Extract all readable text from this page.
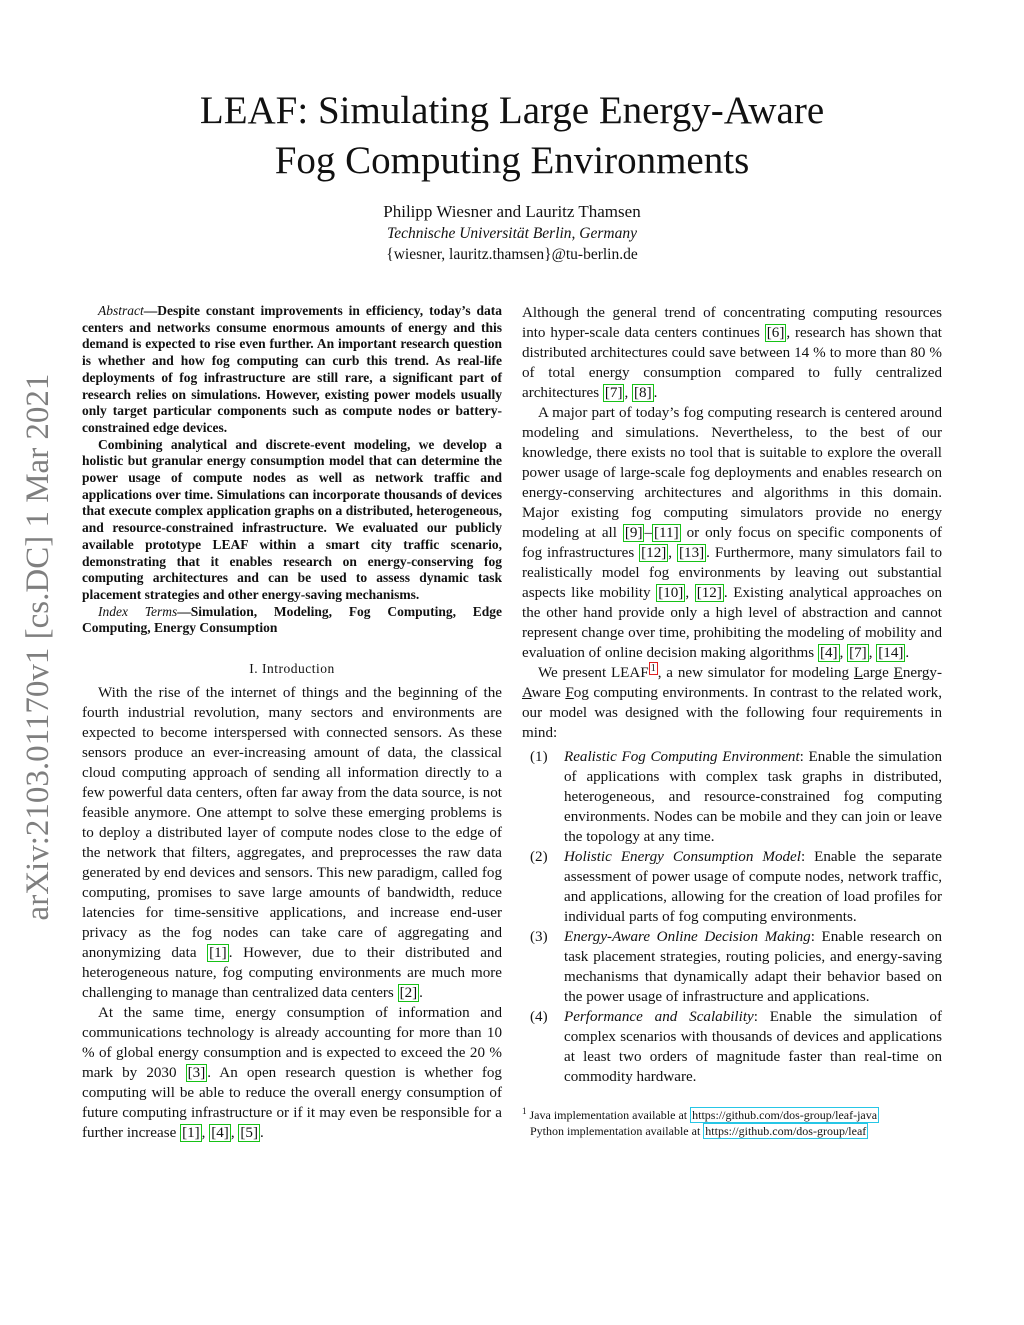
arXiv:2103.01170v1 [cs.DC] 1 Mar 2021
LEAF: Simulating Large Energy-Aware
Fog Computing Environments
Philipp Wiesner and Lauritz Thamsen
Technische Universität Berlin, Germany
{wiesner, lauritz.thamsen}@tu-berlin.de

Abstract—Despite constant improvements in efficiency, today’s data centers and networks consume enormous amounts of energy and this demand is expected to rise even further. An important research question is whether and how fog computing can curb this trend. As real-life deployments of fog infrastructure are still rare, a significant part of research relies on simulations. However, existing power models usually only target particular components such as compute nodes or battery-constrained edge devices.

Combining analytical and discrete-event modeling, we develop a holistic but granular energy consumption model that can determine the power usage of compute nodes as well as network traffic and applications over time. Simulations can incorporate thousands of devices that execute complex application graphs on a distributed, heterogeneous, and resource-constrained infrastructure. We evaluated our publicly available prototype LEAF within a smart city traffic scenario, demonstrating that it enables research on energy-conserving fog computing architectures and can be used to assess dynamic task placement strategies and other energy-saving mechanisms.

Index Terms—Simulation, Modeling, Fog Computing, Edge Computing, Energy Consumption

I. Introduction

With the rise of the internet of things and the beginning of the fourth industrial revolution, many sectors and environments are expected to become interspersed with connected sensors. As these sensors produce an ever-increasing amount of data, the classical cloud computing approach of sending all information directly to a few powerful data centers, often far away from the data source, is not feasible anymore. One attempt to solve these emerging problems is to deploy a distributed layer of compute nodes close to the edge of the network that filters, aggregates, and preprocesses the raw data generated by end devices and sensors. This new paradigm, called fog computing, promises to save large amounts of bandwidth, reduce latencies for time-sensitive applications, and increase end-user privacy as the fog nodes can take care of aggregating and anonymizing data [1] . However, due to their distributed and heterogeneous nature, fog computing environments are much more challenging to manage than centralized data centers [2] .

At the same time, energy consumption of information and communications technology is already accounting for more than 10 % of global energy consumption and is expected to exceed the 20 % mark by 2030 [3] . An open research question is whether fog computing will be able to reduce the overall energy consumption of future computing infrastructure or if it may even be responsible for a further increase [1] , [4] , [5] .

Although the general trend of concentrating computing resources into hyper-scale data centers continues [6] , research has shown that distributed architectures could save between 14 % to more than 80 % of total energy consumption compared to fully centralized architectures [7] , [8] .

A major part of today’s fog computing research is centered around modeling and simulations. Nevertheless, to the best of our knowledge, there exists no tool that is suitable to explore the overall power usage of large-scale fog deployments and enables research on energy-conserving architectures and algorithms in this domain. Major existing fog computing simulators provide no energy modeling at all [9] – [11] or only focus on specific components of fog infrastructures [12] , [13] . Furthermore, many simulators fail to realistically model fog environments by leaving out substantial aspects like mobility [10] , [12] . Existing analytical approaches on the other hand provide only a high level of abstraction and cannot represent change over time, prohibiting the modeling of mobility and evaluation of online decision making algorithms [4] , [7] , [14] .

We present LEAF $^1$ , a new simulator for modeling Large Energy-Aware Fog computing environments. In contrast to the related work, our model was designed with the following four requirements in mind:

(1) Realistic Fog Computing Environment: Enable the simulation of applications with complex task graphs in distributed, heterogeneous, and resource-constrained fog computing environments. Nodes can be mobile and they can join or leave the topology at any time.
(2) Holistic Energy Consumption Model: Enable the separate assessment of power usage of compute nodes, network traffic, and applications, allowing for the creation of load profiles for individual parts of fog computing environments.
(3) Energy-Aware Online Decision Making: Enable research on task placement strategies, routing policies, and energy-saving mechanisms that dynamically adapt their behavior based on the power usage of infrastructure and applications.
(4) Performance and Scalability: Enable the simulation of complex scenarios with thousands of devices and applications at least two orders of magnitude faster than real-time on commodity hardware.
$^1$ Java implementation available at https://github.com/dos-group/leaf-java
Python implementation available at https://github.com/dos-group/leaf
